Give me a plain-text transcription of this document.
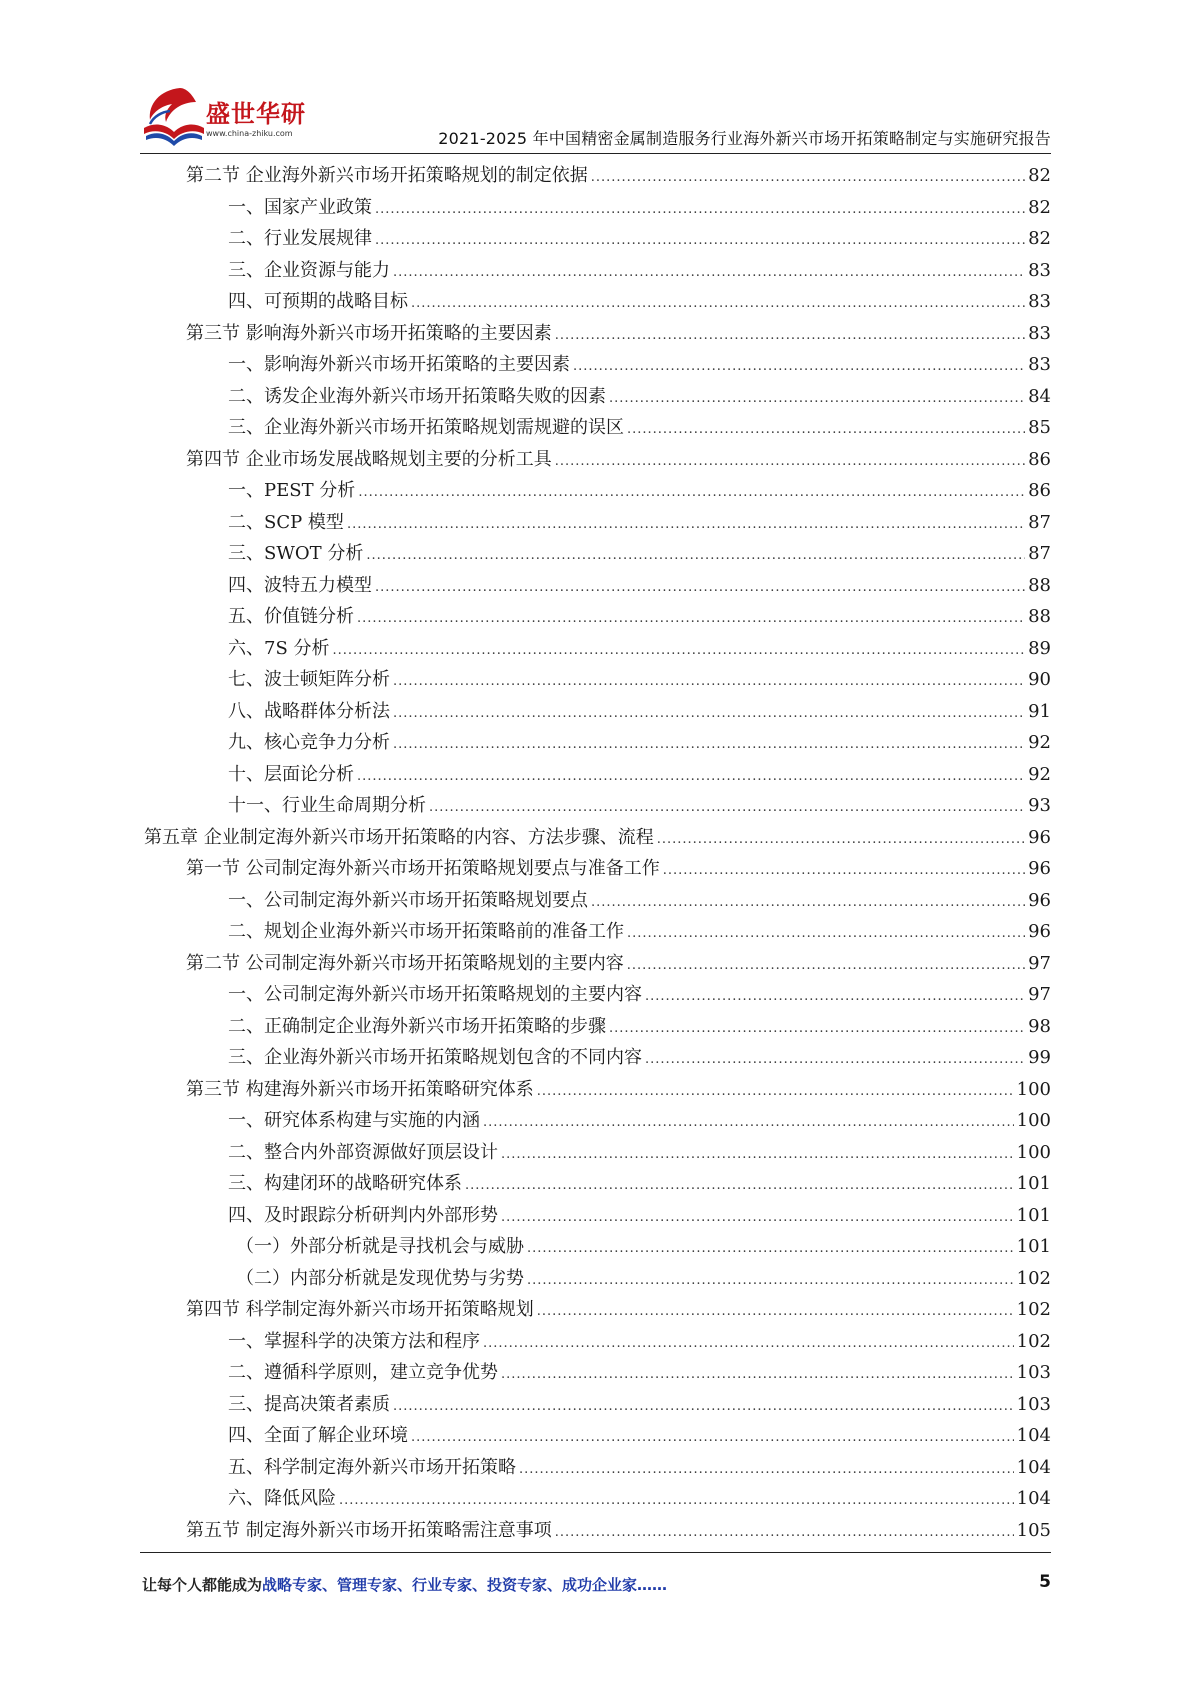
盛世华研
www.china-zhiku.com	2021-2025 年中国精密金属制造服务行业海外新兴市场开拓策略制定与实施研究报告
第二节 企业海外新兴市场开拓策略规划的制定依据 .....	82
一、国家产业政策 .....	82
二、行业发展规律 .....	82
三、企业资源与能力 .....	83
四、可预期的战略目标 .....	83
第三节 影响海外新兴市场开拓策略的主要因素 .....	83
一、影响海外新兴市场开拓策略的主要因素 .....	83
二、诱发企业海外新兴市场开拓策略失败的因素 .....	84
三、企业海外新兴市场开拓策略规划需规避的误区 .....	85
第四节 企业市场发展战略规划主要的分析工具 .....	86
一、PEST 分析 .....	86
二、SCP 模型 .....	87
三、SWOT 分析 .....	87
四、波特五力模型 .....	88
五、价值链分析 .....	88
六、7S 分析 .....	89
七、波士顿矩阵分析 .....	90
八、战略群体分析法 .....	91
九、核心竞争力分析 .....	92
十、层面论分析 .....	92
十一、行业生命周期分析 .....	93
第五章 企业制定海外新兴市场开拓策略的内容、方法步骤、流程 .....	96
第一节 公司制定海外新兴市场开拓策略规划要点与准备工作 .....	96
一、公司制定海外新兴市场开拓策略规划要点 .....	96
二、规划企业海外新兴市场开拓策略前的准备工作 .....	96
第二节 公司制定海外新兴市场开拓策略规划的主要内容 .....	97
一、公司制定海外新兴市场开拓策略规划的主要内容 .....	97
二、正确制定企业海外新兴市场开拓策略的步骤 .....	98
三、企业海外新兴市场开拓策略规划包含的不同内容 .....	99
第三节 构建海外新兴市场开拓策略研究体系 .....	100
一、研究体系构建与实施的内涵 .....	100
二、整合内外部资源做好顶层设计 .....	100
三、构建闭环的战略研究体系 .....	101
四、及时跟踪分析研判内外部形势 .....	101
（一）外部分析就是寻找机会与威胁 .....	101
（二）内部分析就是发现优势与劣势 .....	102
第四节 科学制定海外新兴市场开拓策略规划 .....	102
一、掌握科学的决策方法和程序 .....	102
二、遵循科学原则，建立竞争优势 .....	103
三、提高决策者素质 .....	103
四、全面了解企业环境 .....	104
五、科学制定海外新兴市场开拓策略 .....	104
六、降低风险 .....	104
第五节 制定海外新兴市场开拓策略需注意事项 .....	105
让每个人都能成为战略专家、管理专家、行业专家、投资专家、成功企业家……	5
